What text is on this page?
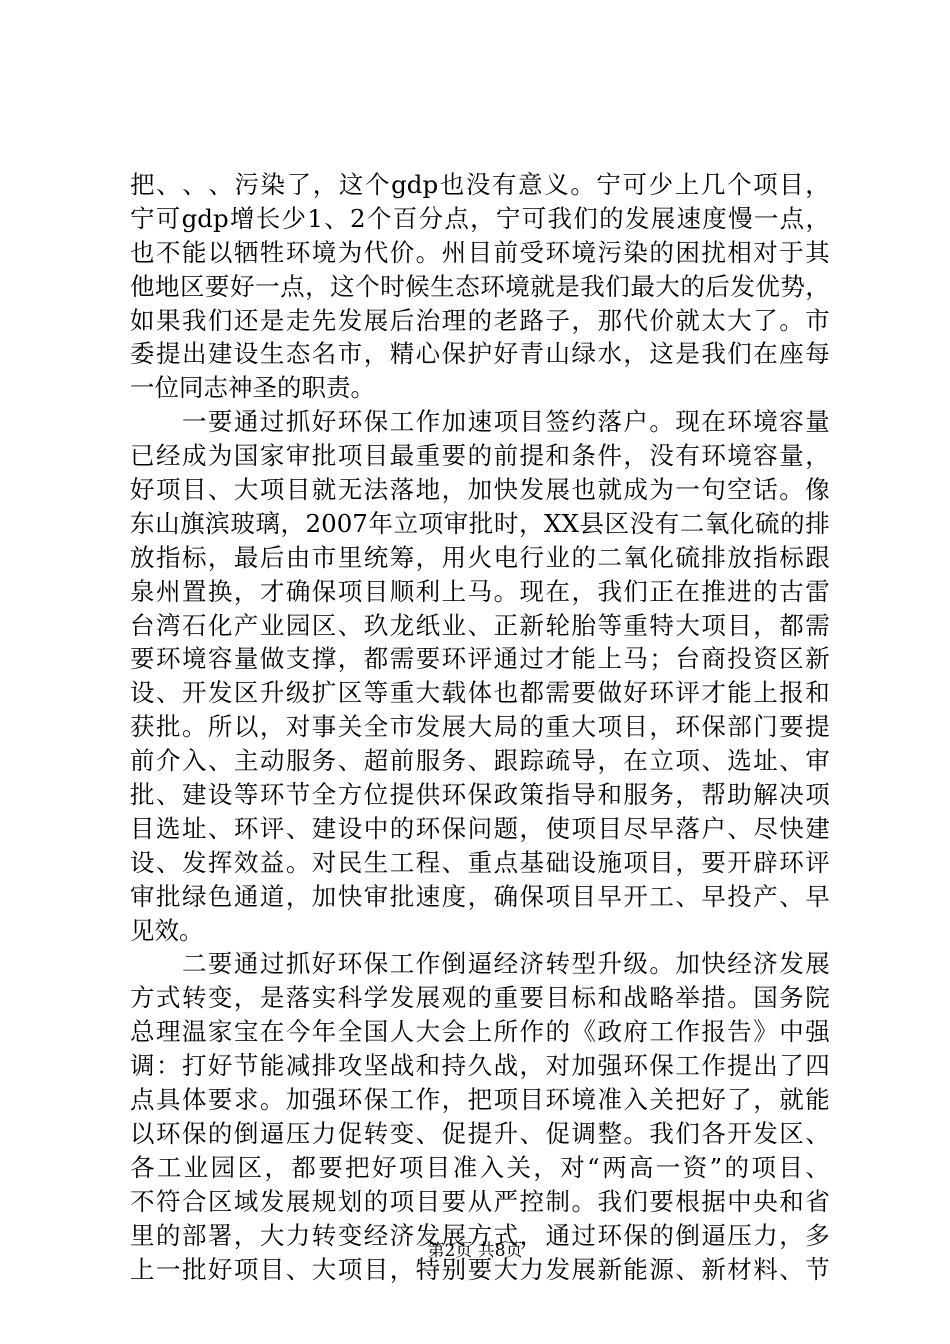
把 、 、 、 污 染 了 ， 这 个 gdp 也 没 有 意 义 。 宁 可 少 上 几 个 项 目 ，
宁 可 gdp 增 长 少 1 、 2 个 百 分 点 ， 宁 可 我 们 的 发 展 速 度 慢 一 点 ，
也 不 能 以 牺 牲 环 境 为 代 价 。 州 目 前 受 环 境 污 染 的 困 扰 相 对 于 其
他 地 区 要 好 一 点 ， 这 个 时 候 生 态 环 境 就 是 我 们 最 大 的 后 发 优 势 ，
如 果 我 们 还 是 走 先 发 展 后 治 理 的 老 路 子 ， 那 代 价 就 太 大 了 。 市
委 提 出 建 设 生 态 名 市 ， 精 心 保 护 好 青 山 绿 水 ， 这 是 我 们 在 座 每
一位同志神圣的职责。

一 要 通 过 抓 好 环 保 工 作 加 速 项 目 签 约 落 户 。 现 在 环 境 容 量
已 经 成 为 国 家 审 批 项 目 最 重 要 的 前 提 和 条 件 ， 没 有 环 境 容 量 ，
好 项 目 、 大 项 目 就 无 法 落 地 ， 加 快 发 展 也 就 成 为 一 句 空 话 。 像
东 山 旗 滨 玻 璃 ， 2007 年 立 项 审 批 时 ， XX 县 区 没 有 二 氧 化 硫 的 排
放 指 标 ， 最 后 由 市 里 统 筹 ， 用 火 电 行 业 的 二 氧 化 硫 排 放 指 标 跟
泉 州 置 换 ， 才 确 保 项 目 顺 利 上 马 。 现 在 ， 我 们 正 在 推 进 的 古 雷
台 湾 石 化 产 业 园 区 、 玖 龙 纸 业 、 正 新 轮 胎 等 重 特 大 项 目 ， 都 需
要 环 境 容 量 做 支 撑 ， 都 需 要 环 评 通 过 才 能 上 马 ； 台 商 投 资 区 新
设 、 开 发 区 升 级 扩 区 等 重 大 载 体 也 都 需 要 做 好 环 评 才 能 上 报 和
获 批 。 所 以 ， 对 事 关 全 市 发 展 大 局 的 重 大 项 目 ， 环 保 部 门 要 提
前 介 入 、 主 动 服 务 、 超 前 服 务 、 跟 踪 疏 导 ， 在 立 项 、 选 址 、 审
批 、 建 设 等 环 节 全 方 位 提 供 环 保 政 策 指 导 和 服 务 ， 帮 助 解 决 项
目 选 址 、 环 评 、 建 设 中 的 环 保 问 题 ， 使 项 目 尽 早 落 户 、 尽 快 建
设 、 发 挥 效 益 。 对 民 生 工 程 、 重 点 基 础 设 施 项 目 ， 要 开 辟 环 评
审 批 绿 色 通 道 ， 加 快 审 批 速 度 ， 确 保 项 目 早 开 工 、 早 投 产 、 早
见效。

二 要 通 过 抓 好 环 保 工 作 倒 逼 经 济 转 型 升 级 。 加 快 经 济 发 展
方 式 转 变 ， 是 落 实 科 学 发 展 观 的 重 要 目 标 和 战 略 举 措 。 国 务 院
总 理 温 家 宝 在 今 年 全 国 人 大 会 上 所 作 的 《 政 府 工 作 报 告 》 中 强
调 ： 打 好 节 能 减 排 攻 坚 战 和 持 久 战 ， 对 加 强 环 保 工 作 提 出 了 四
点 具 体 要 求 。 加 强 环 保 工 作 ， 把 项 目 环 境 准 入 关 把 好 了 ， 就 能
以 环 保 的 倒 逼 压 力 促 转 变 、 促 提 升 、 促 调 整 。 我 们 各 开 发 区 、
各 工 业 园 区 ， 都 要 把 好 项 目 准 入 关 ， 对 “ 两 高 一 资 ” 的 项 目 、
不 符 合 区 域 发 展 规 划 的 项 目 要 从 严 控 制 。 我 们 要 根 据 中 央 和 省
里 的 部 署 ， 大 力 转 变 经 济 发 展 方 式 ， 通 过 环 保 的 倒 逼 压 力 ， 多
上 一 批 好 项 目 、 大 项 目 ， 特 别 要 大 力 发 展 新 能 源 、 新 材 料 、 节
第2页 共8页
